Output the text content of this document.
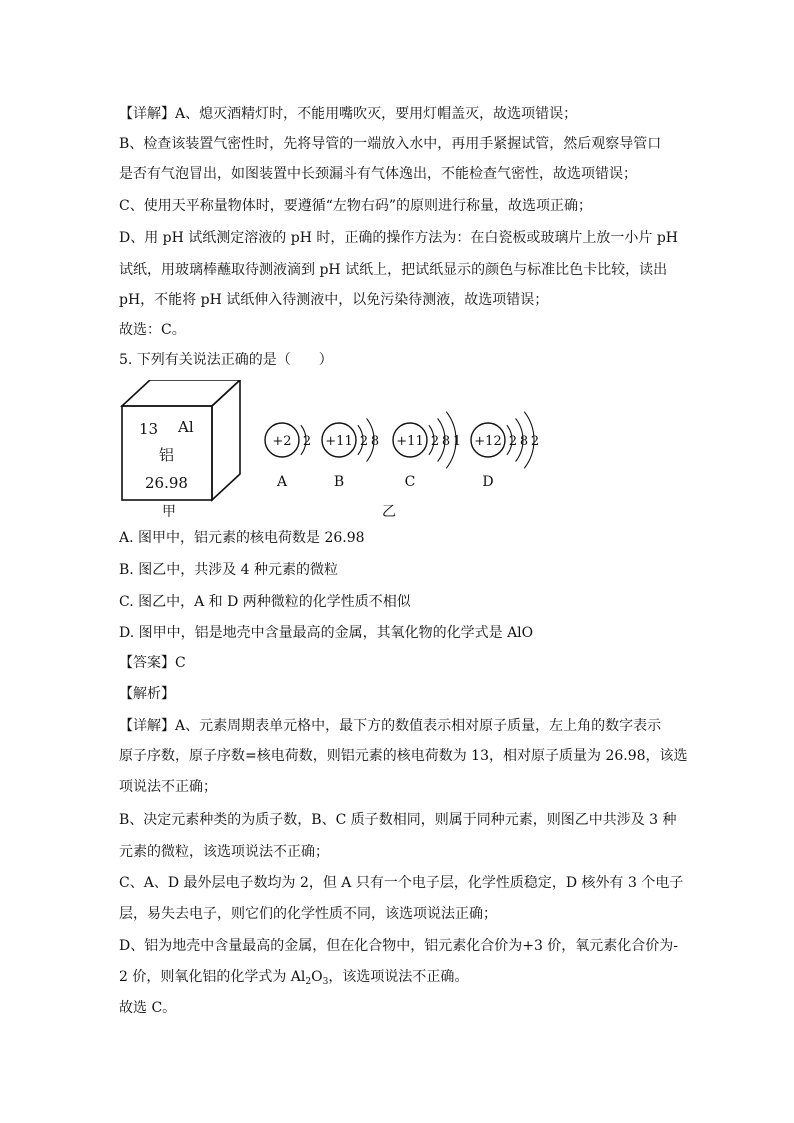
【详解】A、熄灭酒精灯时，不能用嘴吹灭，要用灯帽盖灭，故选项错误；
B、检查该装置气密性时，先将导管的一端放入水中，再用手紧握试管，然后观察导管口
是否有气泡冒出，如图装置中长颈漏斗有气体逸出，不能检查气密性，故选项错误；
C、使用天平称量物体时，要遵循“左物右码”的原则进行称量，故选项正确；
D、用 pH 试纸测定溶液的 pH 时，正确的操作方法为：在白瓷板或玻璃片上放一小片 pH
试纸，用玻璃棒蘸取待测液滴到 pH 试纸上，把试纸显示的颜色与标准比色卡比较，读出
pH，不能将 pH 试纸伸入待测液中，以免污染待测液，故选项错误；
故选：C。
5. 下列有关说法正确的是（　　）
13 Al
铝
26.98
甲
+2 2
A
+11 2 8
B
+11 2 8 1
C
+12 2 8 2
D
乙
A. 图甲中，铝元素的核电荷数是 26.98
B. 图乙中，共涉及 4 种元素的微粒
C. 图乙中，A 和 D 两种微粒的化学性质不相似
D. 图甲中，铝是地壳中含量最高的金属，其氧化物的化学式是 AlO
【答案】C
【解析】
【详解】A、元素周期表单元格中，最下方的数值表示相对原子质量，左上角的数字表示
原子序数，原子序数=核电荷数，则铝元素的核电荷数为 13，相对原子质量为 26.98，该选
项说法不正确；
B、决定元素种类的为质子数，B、C 质子数相同，则属于同种元素，则图乙中共涉及 3 种
元素的微粒，该选项说法不正确；
C、A、D 最外层电子数均为 2，但 A 只有一个电子层，化学性质稳定，D 核外有 3 个电子
层，易失去电子，则它们的化学性质不同，该选项说法正确；
D、铝为地壳中含量最高的金属，但在化合物中，铝元素化合价为+3 价，氧元素化合价为-
2 价，则氧化铝的化学式为 $Al_2O_3$，该选项说法不正确。
故选 C。
